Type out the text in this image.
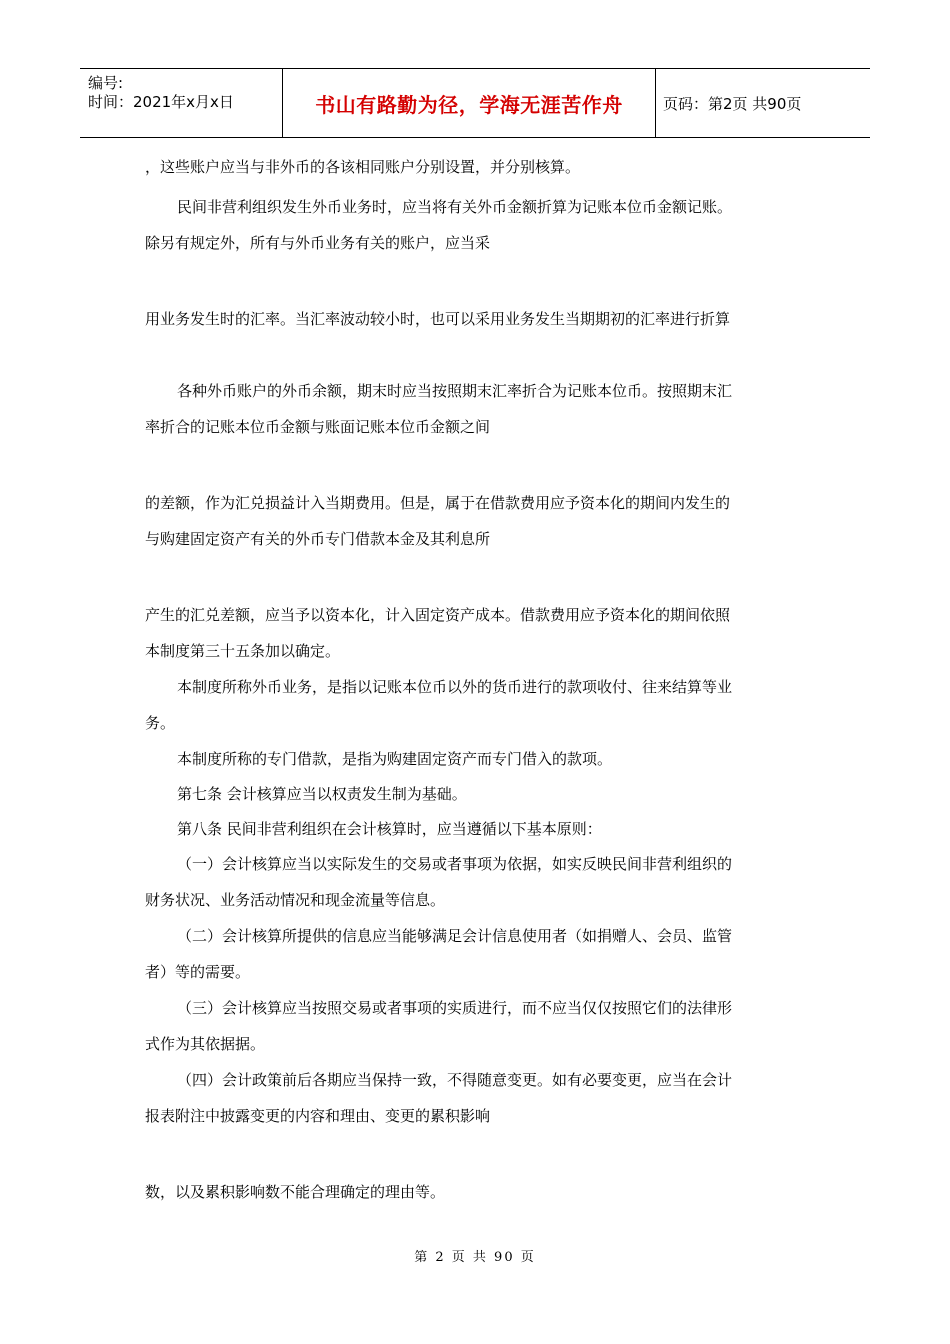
编号:
时间：2021年x月x日	书山有路勤为径，学海无涯苦作舟	页码：第2页 共90页
，这些账户应当与非外币的各该相同账户分别设置，并分别核算。
民间非营利组织发生外币业务时，应当将有关外币金额折算为记账本位币金额记账。
除另有规定外，所有与外币业务有关的账户，应当采
用业务发生时的汇率。当汇率波动较小时，也可以采用业务发生当期期初的汇率进行折算
各种外币账户的外币余额，期末时应当按照期末汇率折合为记账本位币。按照期末汇
率折合的记账本位币金额与账面记账本位币金额之间
的差额，作为汇兑损益计入当期费用。但是，属于在借款费用应予资本化的期间内发生的
与购建固定资产有关的外币专门借款本金及其利息所
产生的汇兑差额，应当予以资本化，计入固定资产成本。借款费用应予资本化的期间依照
本制度第三十五条加以确定。
本制度所称外币业务，是指以记账本位币以外的货币进行的款项收付、往来结算等业
务。
本制度所称的专门借款，是指为购建固定资产而专门借入的款项。
第七条 会计核算应当以权责发生制为基础。
第八条 民间非营利组织在会计核算时，应当遵循以下基本原则：
（一）会计核算应当以实际发生的交易或者事项为依据，如实反映民间非营利组织的
财务状况、业务活动情况和现金流量等信息。
（二）会计核算所提供的信息应当能够满足会计信息使用者（如捐赠人、会员、监管
者）等的需要。
（三）会计核算应当按照交易或者事项的实质进行，而不应当仅仅按照它们的法律形
式作为其依据据。
（四）会计政策前后各期应当保持一致，不得随意变更。如有必要变更，应当在会计
报表附注中披露变更的内容和理由、变更的累积影响
数，以及累积影响数不能合理确定的理由等。
第 2 页 共 90 页
